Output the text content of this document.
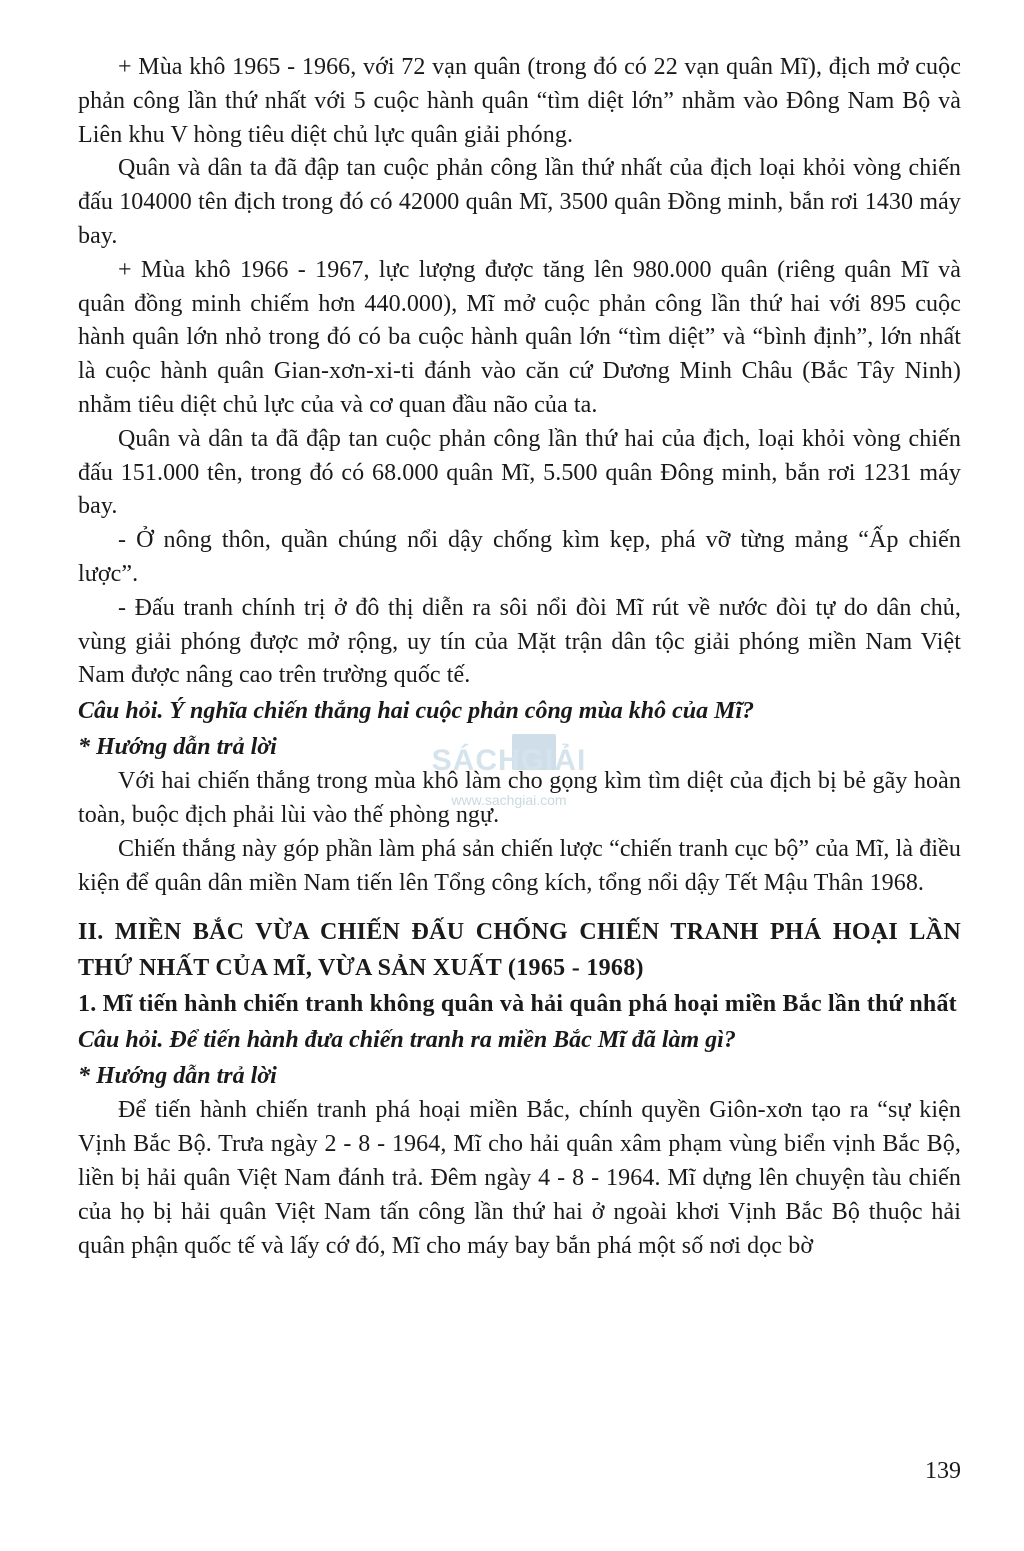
+ Mùa khô 1965 - 1966, với 72 vạn quân (trong đó có 22 vạn quân Mĩ), địch mở cuộc phản công lần thứ nhất với 5 cuộc hành quân “tìm diệt lớn” nhằm vào Đông Nam Bộ và Liên khu V hòng tiêu diệt chủ lực quân giải phóng.

Quân và dân ta đã đập tan cuộc phản công lần thứ nhất của địch loại khỏi vòng chiến đấu 104000 tên địch trong đó có 42000 quân Mĩ, 3500 quân Đồng minh, bắn rơi 1430 máy bay.

+ Mùa khô 1966 - 1967, lực lượng được tăng lên 980.000 quân (riêng quân Mĩ và quân đồng minh chiếm hơn 440.000), Mĩ mở cuộc phản công lần thứ hai với 895 cuộc hành quân lớn nhỏ trong đó có ba cuộc hành quân lớn “tìm diệt” và “bình định”, lớn nhất là cuộc hành quân Gian-xơn-xi-ti đánh vào căn cứ Dương Minh Châu (Bắc Tây Ninh) nhằm tiêu diệt chủ lực của và cơ quan đầu não của ta.

Quân và dân ta đã đập tan cuộc phản công lần thứ hai của địch, loại khỏi vòng chiến đấu 151.000 tên, trong đó có 68.000 quân Mĩ, 5.500 quân Đông minh, bắn rơi 1231 máy bay.

- Ở nông thôn, quần chúng nổi dậy chống kìm kẹp, phá vỡ từng mảng “Ấp chiến lược”.

- Đấu tranh chính trị ở đô thị diễn ra sôi nổi đòi Mĩ rút về nước đòi tự do dân chủ, vùng giải phóng được mở rộng, uy tín của Mặt trận dân tộc giải phóng miền Nam Việt Nam được nâng cao trên trường quốc tế.

Câu hỏi. Ý nghĩa chiến thắng hai cuộc phản công mùa khô của Mĩ?

* Hướng dẫn trả lời

Với hai chiến thắng trong mùa khô làm cho gọng kìm tìm diệt của địch bị bẻ gãy hoàn toàn, buộc địch phải lùi vào thế phòng ngự.

Chiến thắng này góp phần làm phá sản chiến lược “chiến tranh cục bộ” của Mĩ, là điều kiện để quân dân miền Nam tiến lên Tổng công kích, tổng nổi dậy Tết Mậu Thân 1968.

II. MIỀN BẮC VỪA CHIẾN ĐẤU CHỐNG CHIẾN TRANH PHÁ HOẠI LẦN THỨ NHẤT CỦA MĨ, VỪA SẢN XUẤT (1965 - 1968)

1. Mĩ tiến hành chiến tranh không quân và hải quân phá hoại miền Bắc lần thứ nhất

Câu hỏi. Để tiến hành đưa chiến tranh ra miền Bắc Mĩ đã làm gì?

* Hướng dẫn trả lời

Để tiến hành chiến tranh phá hoại miền Bắc, chính quyền Giôn-xơn tạo ra “sự kiện Vịnh Bắc Bộ. Trưa ngày 2 - 8 - 1964, Mĩ cho hải quân xâm phạm vùng biển vịnh Bắc Bộ, liền bị hải quân Việt Nam đánh trả. Đêm ngày 4 - 8 - 1964. Mĩ dựng lên chuyện tàu chiến của họ bị hải quân Việt Nam tấn công lần thứ hai ở ngoài khơi Vịnh Bắc Bộ thuộc hải quân phận quốc tế và lấy cớ đó, Mĩ cho máy bay bắn phá một số nơi dọc bờ

SÁCHGIẢI
www.sachgiai.com
139
